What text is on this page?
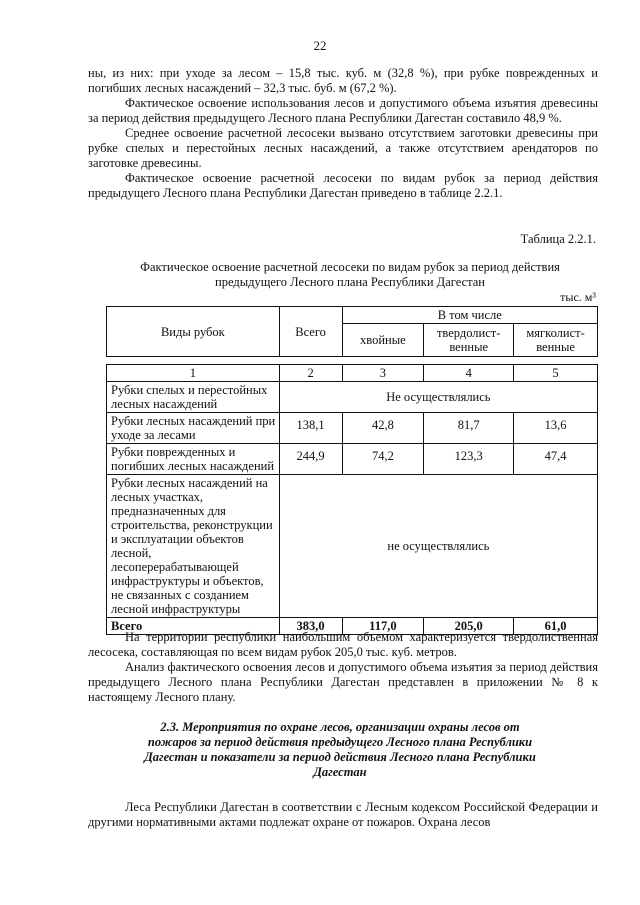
22

ны, из них: при уходе за лесом – 15,8 тыс. куб. м (32,8 %), при рубке поврежденных и погибших лесных насаждений – 32,3 тыс. буб. м (67,2 %).

Фактическое освоение использования лесов и допустимого объема изъятия древесины за период действия предыдущего Лесного плана Республики Дагестан составило 48,9 %.

Среднее освоение расчетной лесосеки вызвано отсутствием заготовки древесины при рубке спелых и перестойных лесных насаждений, а также отсутствием арендаторов по заготовке древесины.

Фактическое освоение расчетной лесосеки по видам рубок за период действия предыдущего Лесного плана Республики Дагестан приведено в таблице 2.2.1.

Таблица 2.2.1.
Фактическое освоение расчетной лесосеки по видам рубок за период действия предыдущего Лесного плана Республики Дагестан
тыс. м³
Виды рубок	Всего	В том числе		
		хвойные	твердолист-венные	мягколист-венные

1	2	3	4	5
Рубки спелых и перестойных лесных насаждений	Не осуществлялись			
Рубки лесных насаждений при уходе за лесами	138,1	42,8	81,7	13,6
Рубки поврежденных и погибших лесных насаждений	244,9	74,2	123,3	47,4
Рубки лесных насаждений на лесных участках, предназначенных для строительства, реконструкции и эксплуатации объектов лесной, лесоперерабатывающей инфраструктуры и объектов, не связанных с созданием лесной инфраструктуры	не осуществлялись			
Всего	383,0	117,0	205,0	61,0

На территории республики наибольшим объемом характеризуется твердолиственная лесосека, составляющая по всем видам рубок 205,0 тыс. куб. метров.

Анализ фактического освоения лесов и допустимого объема изъятия за период действия предыдущего Лесного плана Республики Дагестан представлен в приложении № 8 к настоящему Лесного плану.

2.3. Мероприятия по охране лесов, организации охраны лесов от пожаров за период действия предыдущего Лесного плана Республики Дагестан и показатели за период действия Лесного плана Республики Дагестан

Леса Республики Дагестан в соответствии с Лесным кодексом Российской Федерации и другими нормативными актами подлежат охране от пожаров. Охрана лесов
